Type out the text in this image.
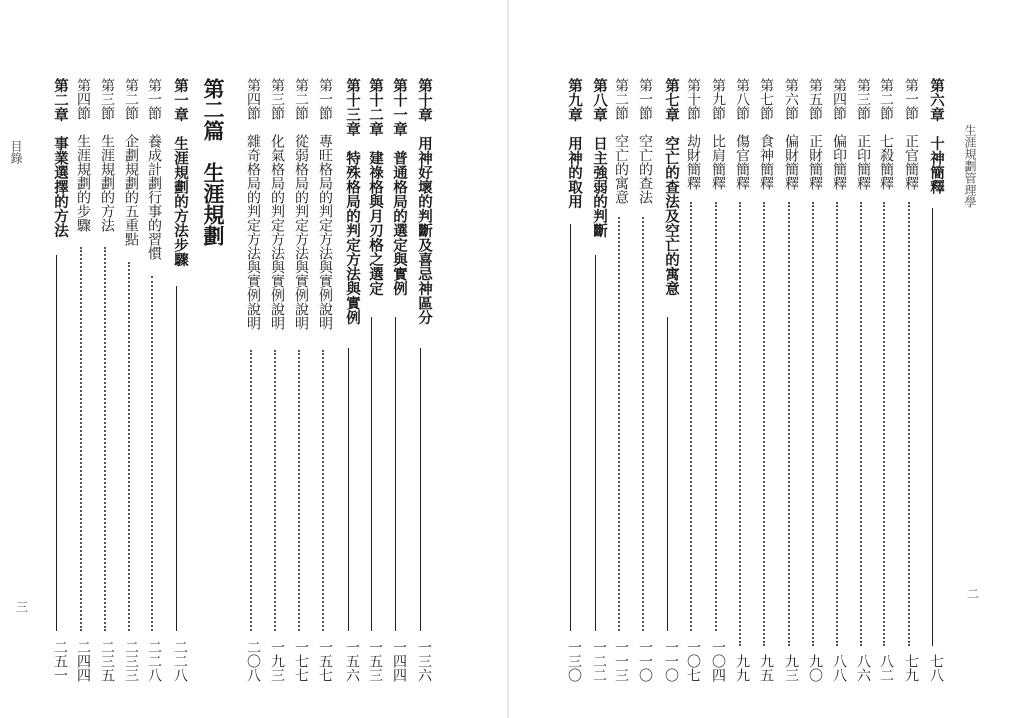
目錄
三
第十章　用神好壞的判斷及喜忌神區分
一三六
第十一章　普通格局的選定與實例
一四四
第十二章　建祿格與月刃格之選定
一五三
第十三章　特殊格局的判定方法與實例
一五六
第一節　專旺格局的判定方法與實例說明
一五七
第二節　從弱格局的判定方法與實例說明
一七七
第三節　化氣格局的判定方法與實例說明
一九三
第四節　雜奇格局的判定方法與實例說明
二〇八
第二篇　生涯規劃
第一章　生涯規劃的方法步驟
二二八
第一節　養成計劃行事的習慣
二二八
第二節　企劃規劃的五重點
二三三
第三節　生涯規劃的方法
二三五
第四節　生涯規劃的步驟
二四四
第二章　事業選擇的方法
二五一
生涯規劃管理學
二
第六章　十神簡釋
七八
第一節　正官簡釋
七九
第二節　七殺簡釋
八二
第三節　正印簡釋
八六
第四節　偏印簡釋
八八
第五節　正財簡釋
九〇
第六節　偏財簡釋
九三
第七節　食神簡釋
九五
第八節　傷官簡釋
九九
第九節　比肩簡釋
一〇四
第十節　劫財簡釋
一〇七
第七章　空亡的查法及空亡的寓意
一一〇
第一節　空亡的查法
一一〇
第二節　空亡的寓意
一一三
第八章　日主強弱的判斷
一二二
第九章　用神的取用
一三〇
